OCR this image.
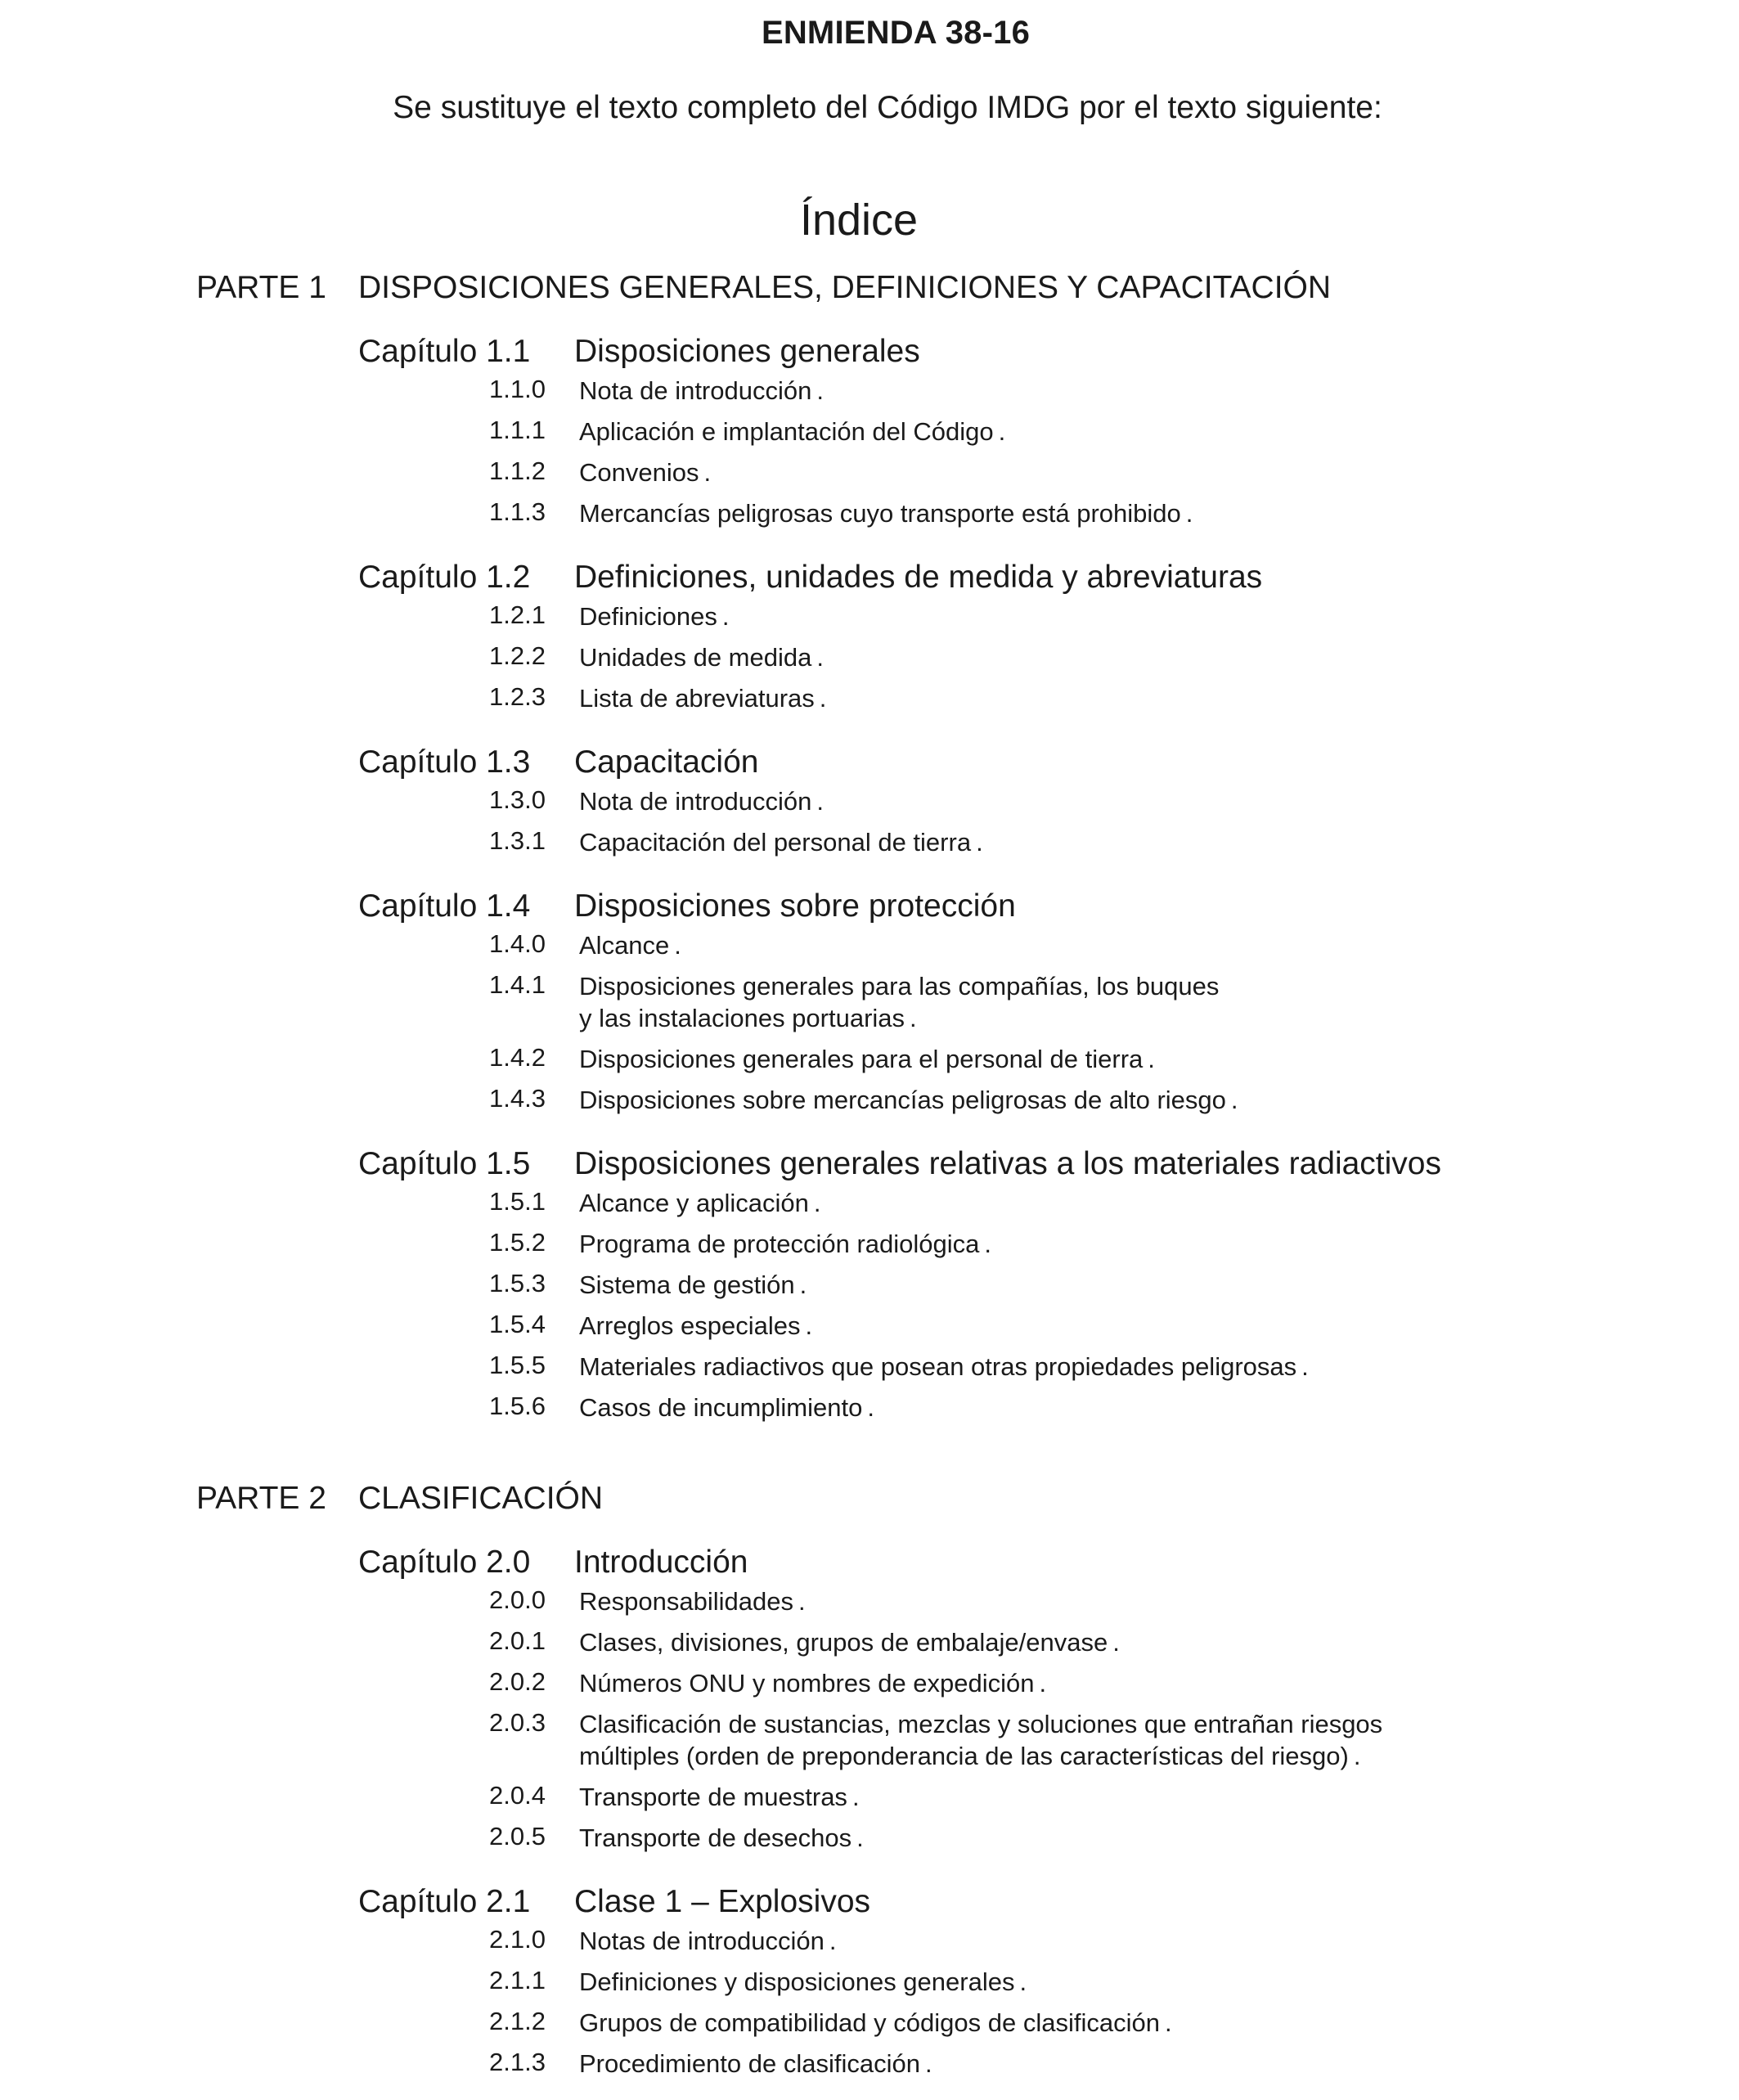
ENMIENDA 38-16
Se sustituye el texto completo del Código IMDG por el texto siguiente:
Índice
PARTE 1 DISPOSICIONES GENERALES, DEFINICIONES Y CAPACITACIÓN
Capítulo 1.1 Disposiciones generales
1.1.0 Nota de introducción .
1.1.1 Aplicación e implantación del Código .
1.1.2 Convenios .
1.1.3 Mercancías peligrosas cuyo transporte está prohibido .
Capítulo 1.2 Definiciones, unidades de medida y abreviaturas
1.2.1 Definiciones .
1.2.2 Unidades de medida .
1.2.3 Lista de abreviaturas .
Capítulo 1.3 Capacitación
1.3.0 Nota de introducción .
1.3.1 Capacitación del personal de tierra .
Capítulo 1.4 Disposiciones sobre protección
1.4.0 Alcance .
1.4.1 Disposiciones generales para las compañías, los buques
y las instalaciones portuarias .
1.4.2 Disposiciones generales para el personal de tierra .
1.4.3 Disposiciones sobre mercancías peligrosas de alto riesgo .
Capítulo 1.5 Disposiciones generales relativas a los materiales radiactivos
1.5.1 Alcance y aplicación .
1.5.2 Programa de protección radiológica .
1.5.3 Sistema de gestión .
1.5.4 Arreglos especiales .
1.5.5 Materiales radiactivos que posean otras propiedades peligrosas .
1.5.6 Casos de incumplimiento .
PARTE 2 CLASIFICACIÓN
Capítulo 2.0 Introducción
2.0.0 Responsabilidades .
2.0.1 Clases, divisiones, grupos de embalaje/envase .
2.0.2 Números ONU y nombres de expedición .
2.0.3 Clasificación de sustancias, mezclas y soluciones que entrañan riesgos
múltiples (orden de preponderancia de las características del riesgo) .
2.0.4 Transporte de muestras .
2.0.5 Transporte de desechos .
Capítulo 2.1 Clase 1 – Explosivos
2.1.0 Notas de introducción .
2.1.1 Definiciones y disposiciones generales .
2.1.2 Grupos de compatibilidad y códigos de clasificación .
2.1.3 Procedimiento de clasificación .
